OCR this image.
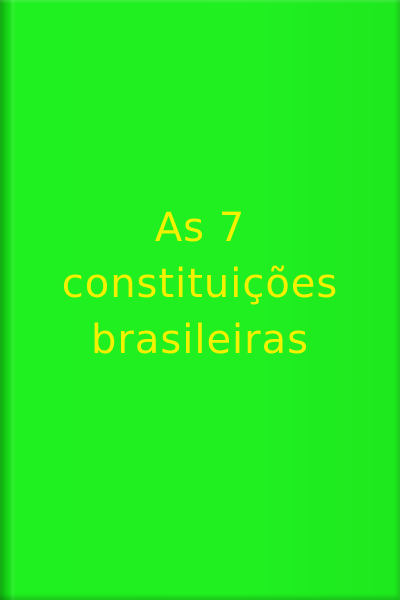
As 7
constituições
brasileiras
